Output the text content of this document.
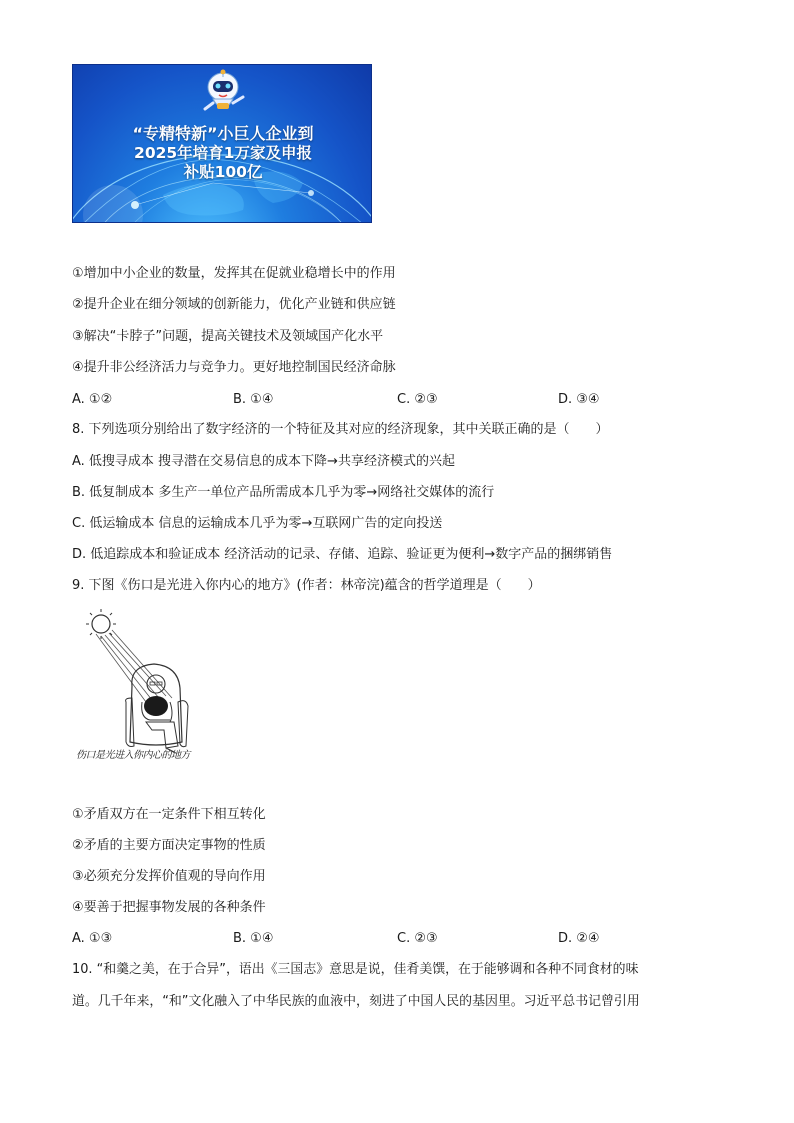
“专精特新”小巨人企业到
2025年培育1万家及申报
补贴100亿
①增加中小企业的数量，发挥其在促就业稳增长中的作用
②提升企业在细分领域的创新能力，优化产业链和供应链
③解决“卡脖子”问题，提高关键技术及领域国产化水平
④提升非公经济活力与竞争力。更好地控制国民经济命脉
A. ①②	B. ①④	C. ②③	D. ③④
8. 下列选项分别给出了数字经济的一个特征及其对应的经济现象，其中关联正确的是（　　）
A. 低搜寻成本 搜寻潜在交易信息的成本下降→共享经济模式的兴起
B. 低复制成本 多生产一单位产品所需成本几乎为零→网络社交媒体的流行
C. 低运输成本 信息的运输成本几乎为零→互联网广告的定向投送
D. 低追踪成本和验证成本 经济活动的记录、存储、追踪、验证更为便利→数字产品的捆绑销售
9. 下图《伤口是光进入你内心的地方》(作者：林帝浣)蕴含的哲学道理是（　　）
伤口是光进入你内心的地方
①矛盾双方在一定条件下相互转化
②矛盾的主要方面决定事物的性质
③必须充分发挥价值观的导向作用
④要善于把握事物发展的各种条件
A. ①③	B. ①④	C. ②③	D. ②④
10. “和羹之美，在于合异”，语出《三国志》意思是说，佳肴美馔，在于能够调和各种不同食材的味
道。几千年来，“和”文化融入了中华民族的血液中，刻进了中国人民的基因里。习近平总书记曾引用
